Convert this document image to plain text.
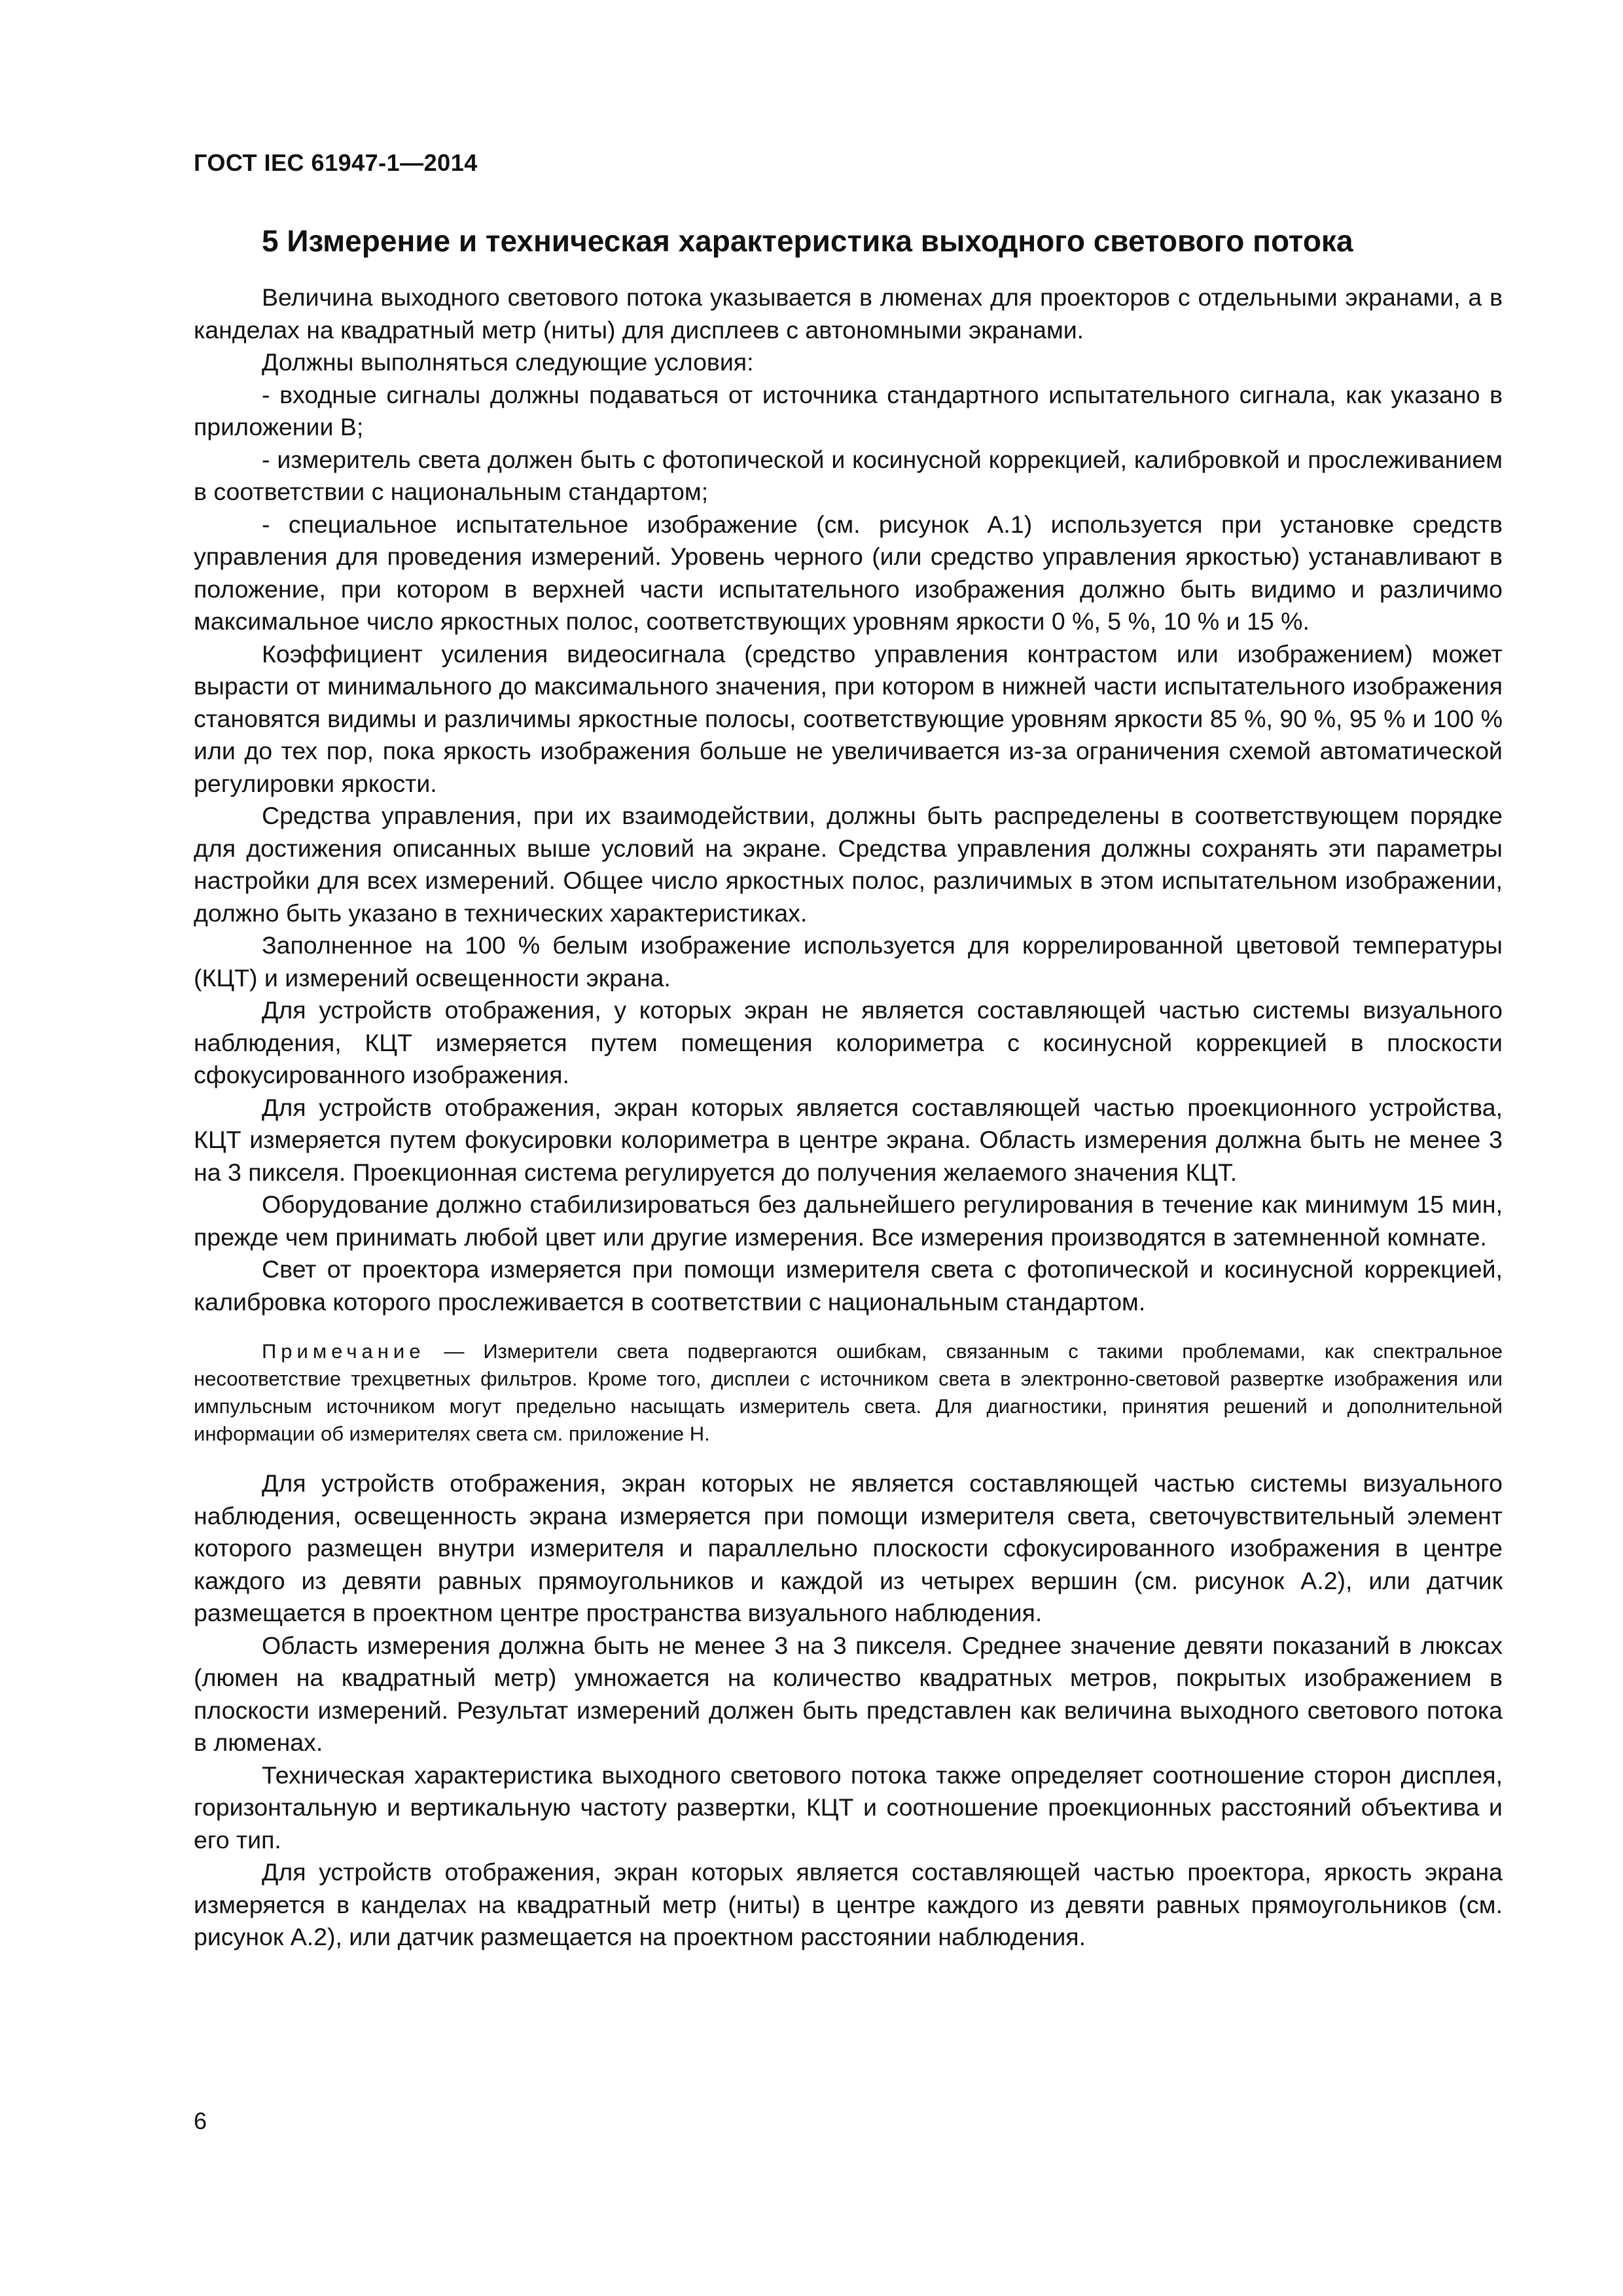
ГОСТ IEC 61947-1—2014
5 Измерение и техническая характеристика выходного светового потока

Величина выходного светового потока указывается в люменах для проекторов с отдельными экранами, а в канделах на квадратный метр (ниты) для дисплеев с автономными экранами.

Должны выполняться следующие условия:

- входные сигналы должны подаваться от источника стандартного испытательного сигнала, как указано в приложении В;

- измеритель света должен быть с фотопической и косинусной коррекцией, калибровкой и прослеживанием в соответствии с национальным стандартом;

- специальное испытательное изображение (см. рисунок А.1) используется при установке средств управления для проведения измерений. Уровень черного (или средство управления яркостью) устанавливают в положение, при котором в верхней части испытательного изображения должно быть видимо и различимо максимальное число яркостных полос, соответствующих уровням яркости 0 %, 5 %, 10 % и 15 %.

Коэффициент усиления видеосигнала (средство управления контрастом или изображением) может вырасти от минимального до максимального значения, при котором в нижней части испытательного изображения становятся видимы и различимы яркостные полосы, соответствующие уровням яркости 85 %, 90 %, 95 % и 100 % или до тех пор, пока яркость изображения больше не увеличивается из-за ограничения схемой автоматической регулировки яркости.

Средства управления, при их взаимодействии, должны быть распределены в соответствующем порядке для достижения описанных выше условий на экране. Средства управления должны сохранять эти параметры настройки для всех измерений. Общее число яркостных полос, различимых в этом испытательном изображении, должно быть указано в технических характеристиках.

Заполненное на 100 % белым изображение используется для коррелированной цветовой температуры (КЦТ) и измерений освещенности экрана.

Для устройств отображения, у которых экран не является составляющей частью системы визуального наблюдения, КЦТ измеряется путем помещения колориметра с косинусной коррекцией в плоскости сфокусированного изображения.

Для устройств отображения, экран которых является составляющей частью проекционного устройства, КЦТ измеряется путем фокусировки колориметра в центре экрана. Область измерения должна быть не менее 3 на 3 пикселя. Проекционная система регулируется до получения желаемого значения КЦТ.

Оборудование должно стабилизироваться без дальнейшего регулирования в течение как минимум 15 мин, прежде чем принимать любой цвет или другие измерения. Все измерения производятся в затемненной комнате.

Свет от проектора измеряется при помощи измерителя света с фотопической и косинусной коррекцией, калибровка которого прослеживается в соответствии с национальным стандартом.

Примечание — Измерители света подвергаются ошибкам, связанным с такими проблемами, как спектральное несоответствие трехцветных фильтров. Кроме того, дисплеи с источником света в электронно-световой развертке изображения или импульсным источником могут предельно насыщать измеритель света. Для диагностики, принятия решений и дополнительной информации об измерителях света см. приложение Н.

Для устройств отображения, экран которых не является составляющей частью системы визуального наблюдения, освещенность экрана измеряется при помощи измерителя света, светочувствительный элемент которого размещен внутри измерителя и параллельно плоскости сфокусированного изображения в центре каждого из девяти равных прямоугольников и каждой из четырех вершин (см. рисунок А.2), или датчик размещается в проектном центре пространства визуального наблюдения.

Область измерения должна быть не менее 3 на 3 пикселя. Среднее значение девяти показаний в люксах (люмен на квадратный метр) умножается на количество квадратных метров, покрытых изображением в плоскости измерений. Результат измерений должен быть представлен как величина выходного светового потока в люменах.

Техническая характеристика выходного светового потока также определяет соотношение сторон дисплея, горизонтальную и вертикальную частоту развертки, КЦТ и соотношение проекционных расстояний объектива и его тип.

Для устройств отображения, экран которых является составляющей частью проектора, яркость экрана измеряется в канделах на квадратный метр (ниты) в центре каждого из девяти равных прямоугольников (см. рисунок А.2), или датчик размещается на проектном расстоянии наблюдения.

6
